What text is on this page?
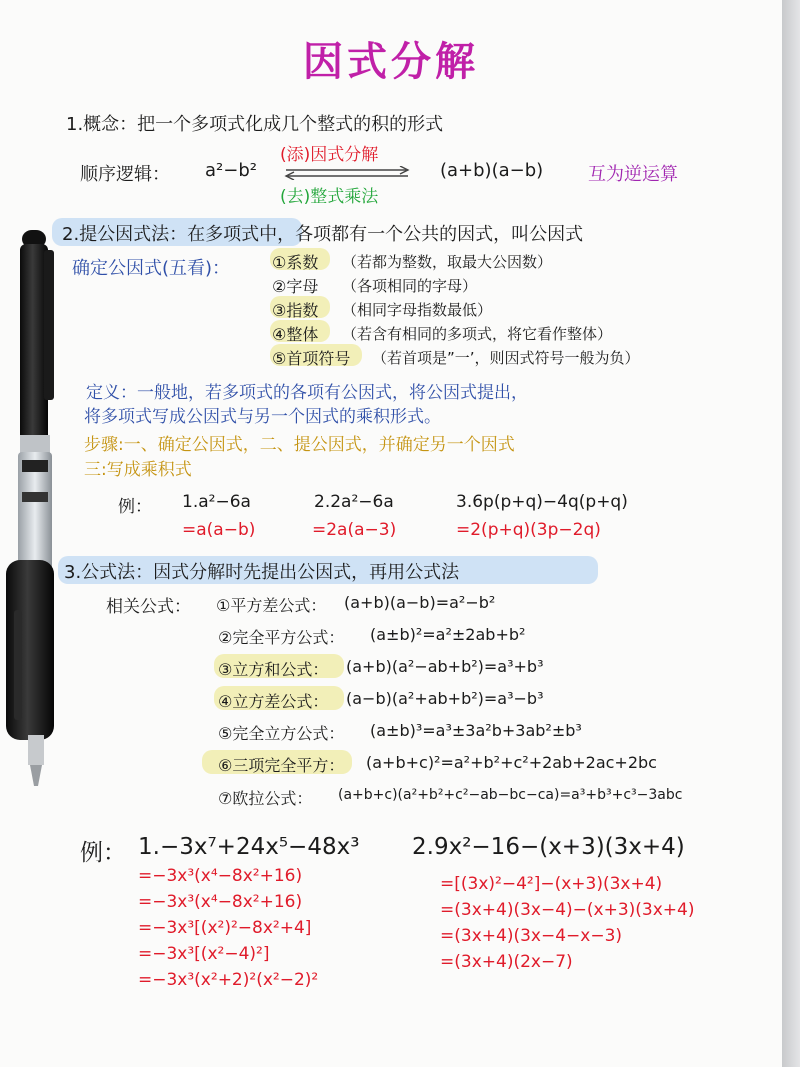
因式分解
1.概念：把一个多项式化成几个整式的积的形式
顺序逻辑： a²−b²
(添)因式分解
(去)整式乘法
(a+b)(a−b) 互为逆运算
2.提公因式法：在多项式中，各项都有一个公共的因式，叫公因式
确定公因式(五看)：	①系数 （若都为整数，取最大公因数）
②字母 （各项相同的字母）
③指数 （相同字母指数最低）
④整体 （若含有相同的多项式，将它看作整体）
⑤首项符号 （若首项是”一’，则因式符号一般为负）
定义：一般地，若多项式的各项有公因式，将公因式提出，
将多项式写成公因式与另一个因式的乘积形式。
步骤:一、确定公因式，二、提公因式，并确定另一个因式
三:写成乘积式
例： 1.a²−6a
=a(a−b)
2.2a²−6a
=2a(a−3)
3.6p(p+q)−4q(p+q)
=2(p+q)(3p−2q)
3.公式法：因式分解时先提出公因式，再用公式法
相关公式： ①平方差公式： (a+b)(a−b)=a²−b²
②完全平方公式： (a±b)²=a²±2ab+b²
③立方和公式： (a+b)(a²−ab+b²)=a³+b³
④立方差公式： (a−b)(a²+ab+b²)=a³−b³
⑤完全立方公式： (a±b)³=a³±3a²b+3ab²±b³
⑥三项完全平方： (a+b+c)²=a²+b²+c²+2ab+2ac+2bc
⑦欧拉公式： (a+b+c)(a²+b²+c²−ab−bc−ca)=a³+b³+c³−3abc
例： 1.−3x⁷+24x⁵−48x³
=−3x³(x⁴−8x²+16)
=−3x³(x⁴−8x²+16)
=−3x³[(x²)²−8x²+4]
=−3x³[(x²−4)²]
=−3x³(x²+2)²(x²−2)²
2.9x²−16−(x+3)(3x+4)
=[(3x)²−4²]−(x+3)(3x+4)
=(3x+4)(3x−4)−(x+3)(3x+4)
=(3x+4)(3x−4−x−3)
=(3x+4)(2x−7)
